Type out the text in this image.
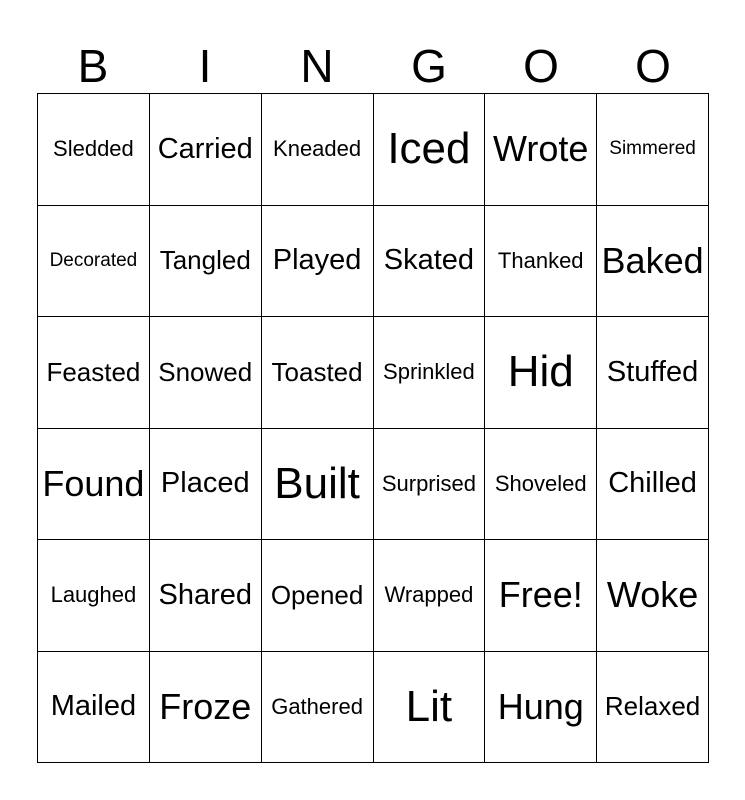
B	I	N	G	O	O
Sledded Carried Kneaded Iced Wrote	Simmered
Decorated Tangled Played Skated	Thanked Baked
Feasted Snowed Toasted Sprinkled Hid	Stuffed
Found Placed Built Surprised Shoveled Chilled
Laughed Shared Opened Wrapped Free! Woke
Mailed Froze Gathered Lit	Hung Relaxed
